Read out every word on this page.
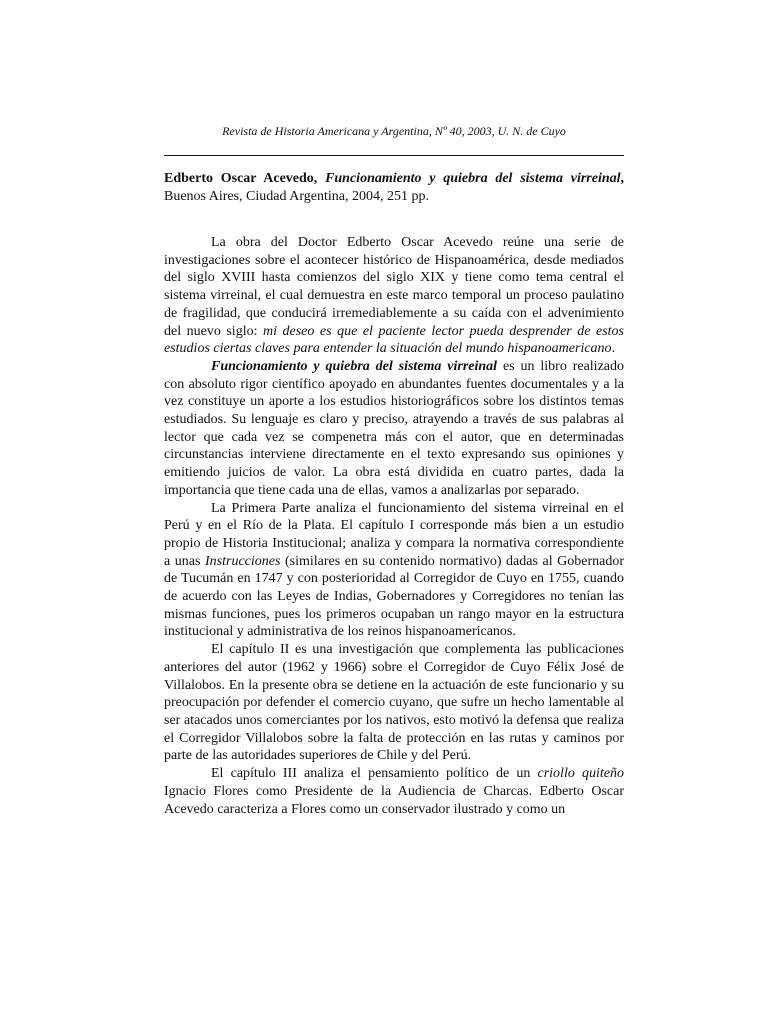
Revista de Historia Americana y Argentina, Nº 40, 2003, U. N. de Cuyo
Edberto Oscar Acevedo, Funcionamiento y quiebra del sistema virreinal,
Buenos Aires, Ciudad Argentina, 2004, 251 pp.

La obra del Doctor Edberto Oscar Acevedo reúne una serie de investigaciones sobre el acontecer histórico de Hispanoamérica, desde mediados del siglo XVIII hasta comienzos del siglo XIX y tiene como tema central el sistema virreinal, el cual demuestra en este marco temporal un proceso paulatino de fragilidad, que conducirá irremediablemente a su caída con el advenimiento del nuevo siglo: mi deseo es que el paciente lector pueda desprender de estos estudios ciertas claves para entender la situación del mundo hispanoamericano.

Funcionamiento y quiebra del sistema virreinal es un libro realizado con absoluto rigor científico apoyado en abundantes fuentes documentales y a la vez constituye un aporte a los estudios historiográficos sobre los distintos temas estudiados. Su lenguaje es claro y preciso, atrayendo a través de sus palabras al lector que cada vez se compenetra más con el autor, que en determinadas circunstancias interviene directamente en el texto expresando sus opiniones y emitiendo juicios de valor. La obra está dividida en cuatro partes, dada la importancia que tiene cada una de ellas, vamos a analizarlas por separado.

La Primera Parte analiza el funcionamiento del sistema virreinal en el Perú y en el Río de la Plata. El capítulo I corresponde más bien a un estudio propio de Historia Institucional; analiza y compara la normativa correspondiente a unas Instrucciones (similares en su contenido normativo) dadas al Gobernador de Tucumán en 1747 y con posterioridad al Corregidor de Cuyo en 1755, cuando de acuerdo con las Leyes de Indias, Gobernadores y Corregidores no tenían las mismas funciones, pues los primeros ocupaban un rango mayor en la estructura institucional y administrativa de los reinos hispanoamericanos.

El capítulo II es una investigación que complementa las publicaciones anteriores del autor (1962 y 1966) sobre el Corregidor de Cuyo Félix José de Villalobos. En la presente obra se detiene en la actuación de este funcionario y su preocupación por defender el comercio cuyano, que sufre un hecho lamentable al ser atacados unos comerciantes por los nativos, esto motivó la defensa que realiza el Corregidor Villalobos sobre la falta de protección en las rutas y caminos por parte de las autoridades superiores de Chile y del Perú.

El capítulo III analiza el pensamiento político de un criollo quiteño Ignacio Flores como Presidente de la Audiencia de Charcas. Edberto Oscar Acevedo caracteriza a Flores como un conservador ilustrado y como un
